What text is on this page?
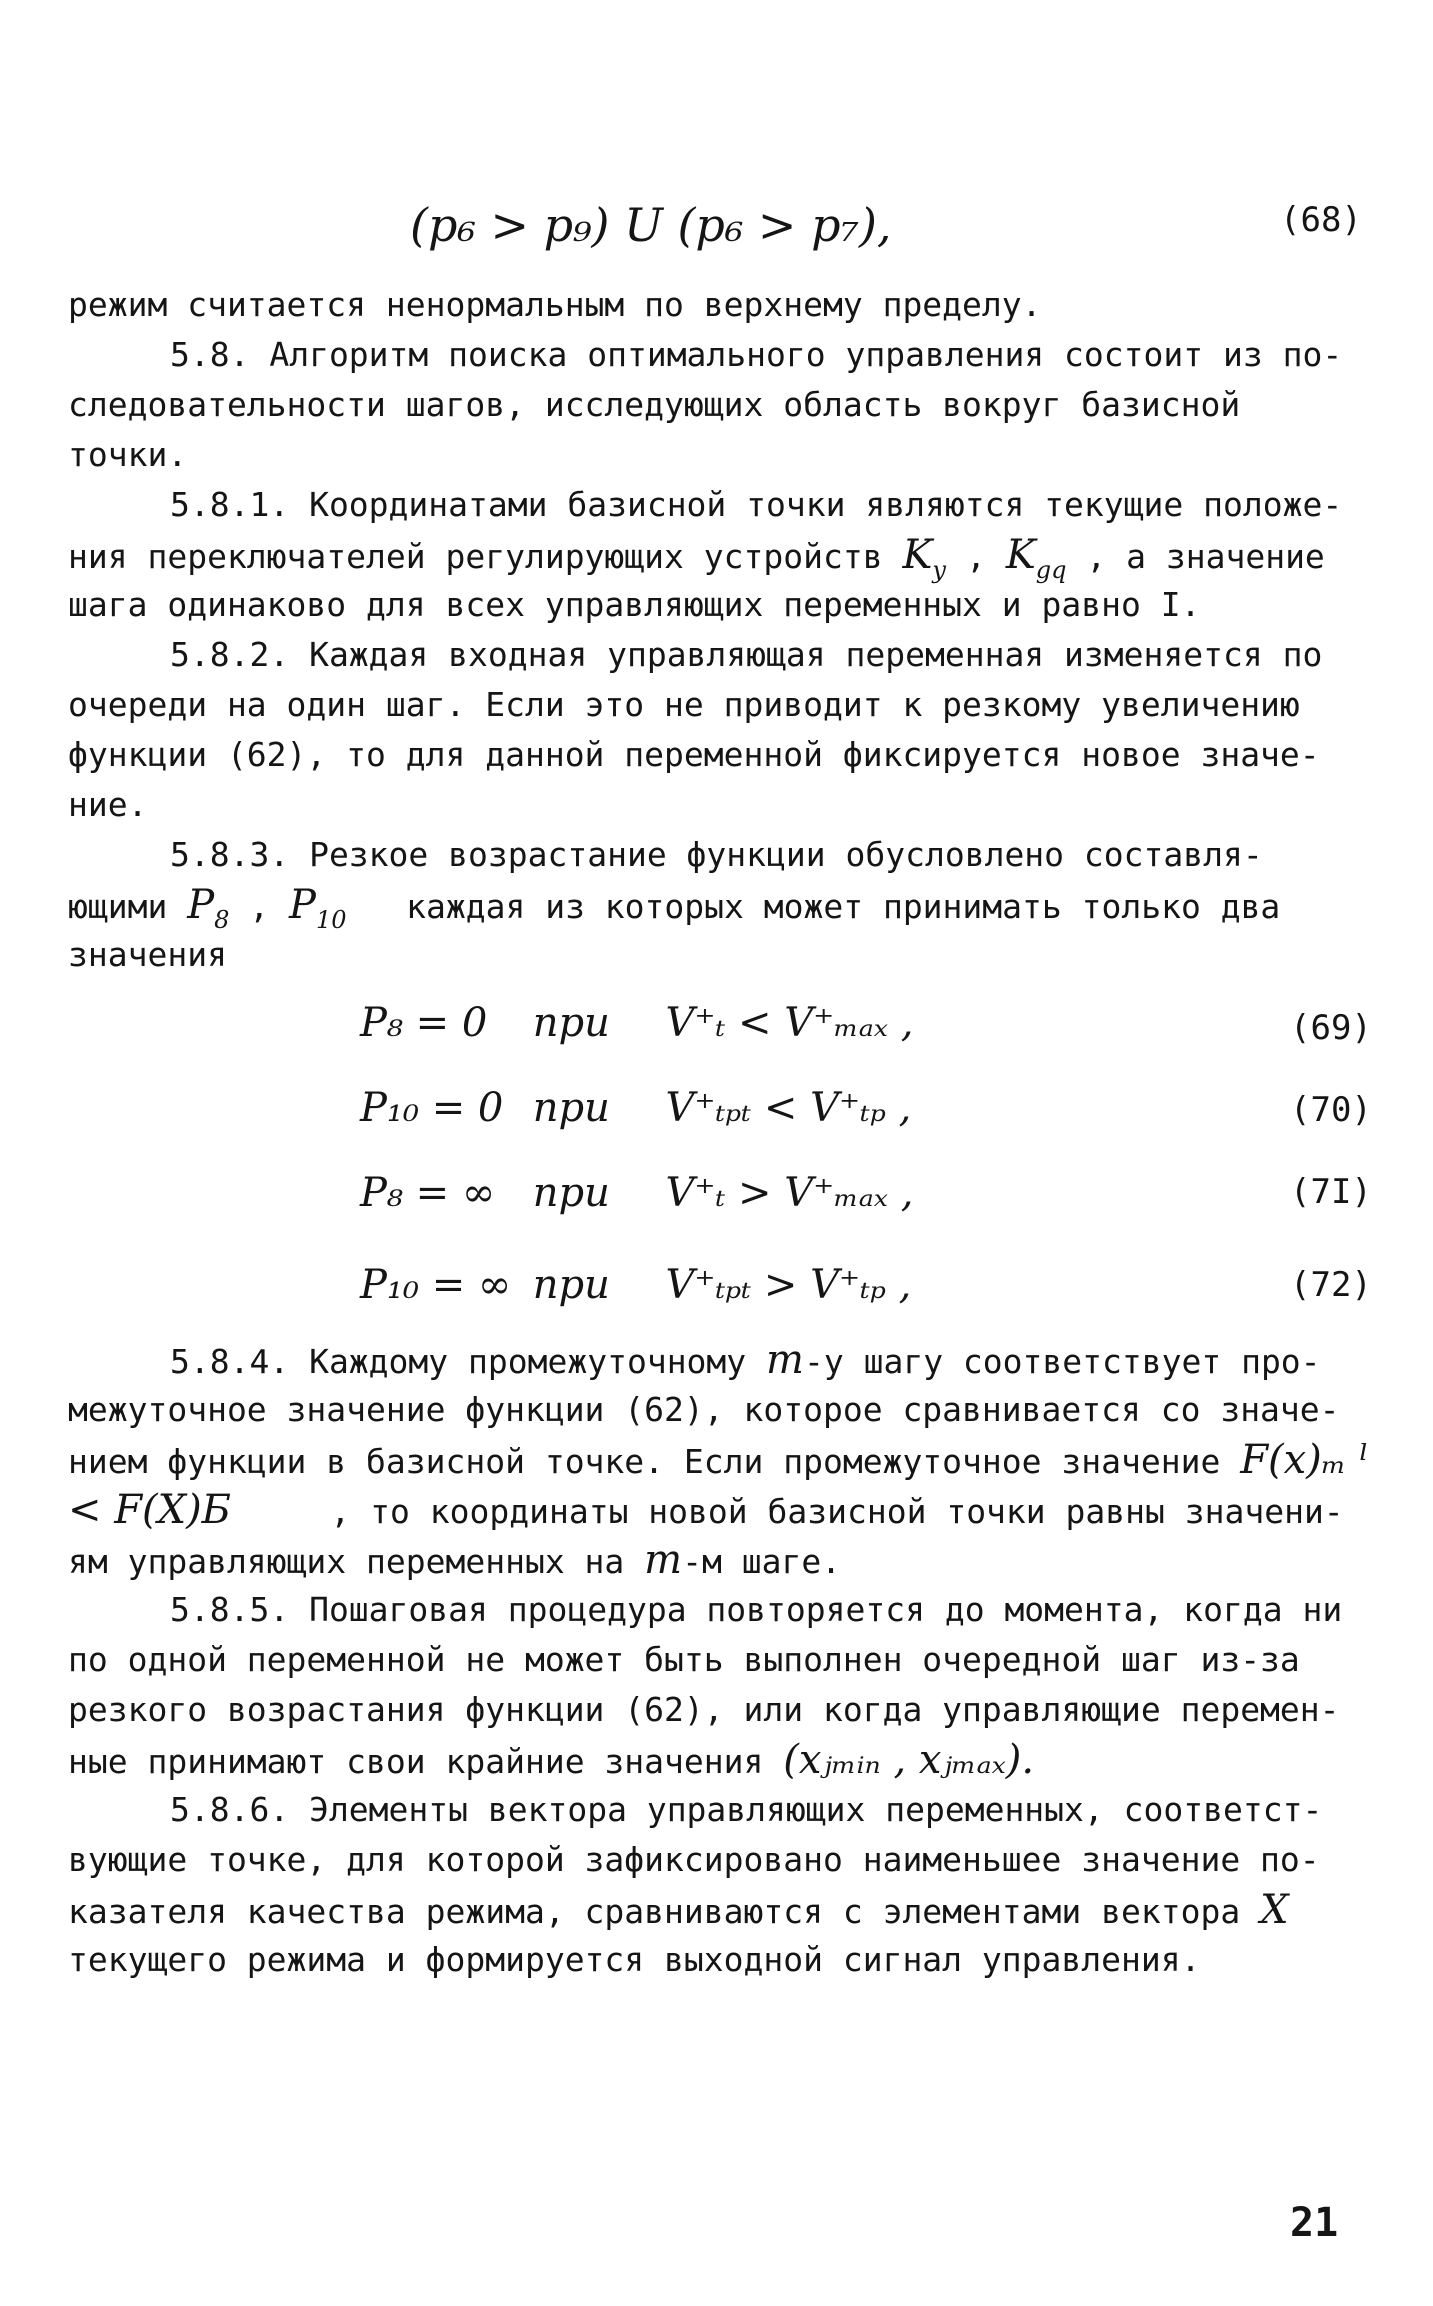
(p₆ > p₉) U (p₆ > p₇),	(68)
режим считается ненормальным по верхнему пределу.
5.8. Алгоритм поиска оптимального управления состоит из по-
следовательности шагов, исследующих область вокруг базисной
точки.
5.8.1. Координатами базисной точки являются текущие положе-
ния переключателей регулирующих устройств $K_у$ , $K_{gq}$ , а значение
шага одинаково для всех управляющих переменных и равно I.
5.8.2. Каждая входная управляющая переменная изменяется по
очереди на один шаг. Если это не приводит к резкому увеличению
функции (62), то для данной переменной фиксируется новое значе-
ние.
5.8.3. Резкое возрастание функции обусловлено составля-
ющими $P_8$ , $P_{10}$ каждая из которых может принимать только два
значения
P₈ = 0 при V⁺ₜ < V⁺ₘₐₓ ,	(69)
P₁₀ = 0 при V⁺ₜₚₜ < V⁺ₜₚ ,	(70)
P₈ = ∞ при V⁺ₜ > V⁺ₘₐₓ ,	(7I)
P₁₀ = ∞ при V⁺ₜₚₜ > V⁺ₜₚ ,	(72)
5.8.4. Каждому промежуточному m-у шагу соответствует про-
межуточное значение функции (62), которое сравнивается со значе-
нием функции в базисной точке. Если промежуточное значение F(x)ₘ ˡ
< F(X)Б	, то координаты новой базисной точки равны значени-
ям управляющих переменных на m-м шаге.
5.8.5. Пошаговая процедура повторяется до момента, когда ни
по одной переменной не может быть выполнен очередной шаг из-за
резкого возрастания функции (62), или когда управляющие перемен-
ные принимают свои крайние значения (xⱼₘᵢₙ , xⱼₘₐₓ).
5.8.6. Элементы вектора управляющих переменных, соответст-
вующие точке, для которой зафиксировано наименьшее значение по-
казателя качества режима, сравниваются с элементами вектора X
текущего режима и формируется выходной сигнал управления.
21
